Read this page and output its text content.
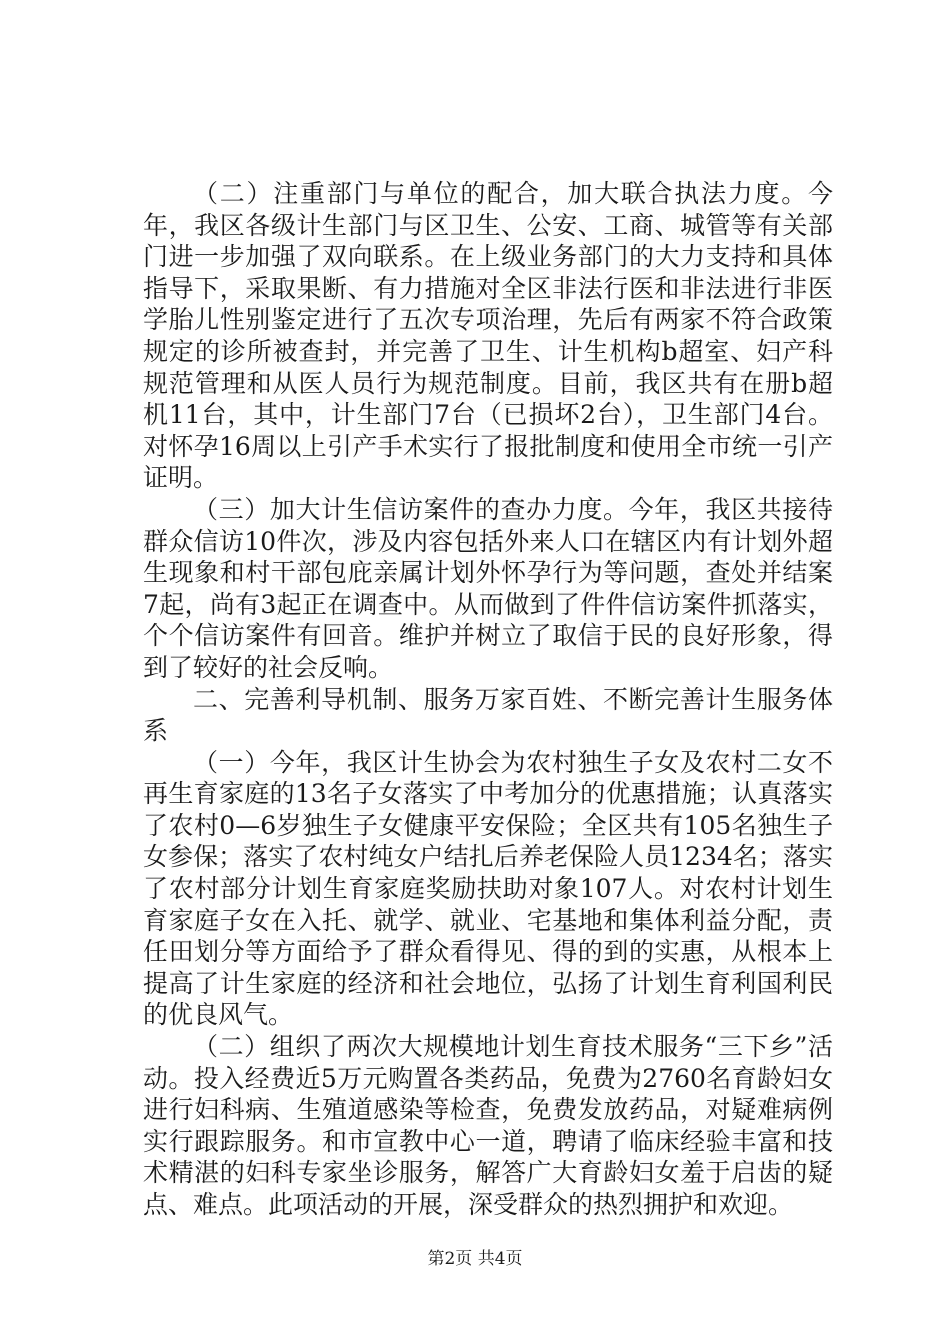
（二）注重部门与单位的配合，加大联合执法力度。今年，我区各级计生部门与区卫生、公安、工商、城管等有关部门进一步加强了双向联系。在上级业务部门的大力支持和具体指导下，采取果断、有力措施对全区非法行医和非法进行非医学胎儿性别鉴定进行了五次专项治理，先后有两家不符合政策规定的诊所被查封，并完善了卫生、计生机构b超室、妇产科规范管理和从医人员行为规范制度。目前，我区共有在册b超机11台，其中，计生部门7台（已损坏2台），卫生部门4台。对怀孕16周以上引产手术实行了报批制度和使用全市统一引产证明。

（三）加大计生信访案件的查办力度。今年，我区共接待群众信访10件次，涉及内容包括外来人口在辖区内有计划外超生现象和村干部包庇亲属计划外怀孕行为等问题，查处并结案7起，尚有3起正在调查中。从而做到了件件信访案件抓落实，个个信访案件有回音。维护并树立了取信于民的良好形象，得到了较好的社会反响。

二、完善利导机制、服务万家百姓、不断完善计生服务体系

（一）今年，我区计生协会为农村独生子女及农村二女不再生育家庭的13名子女落实了中考加分的优惠措施；认真落实了农村0—6岁独生子女健康平安保险；全区共有105名独生子女参保；落实了农村纯女户结扎后养老保险人员1234名；落实了农村部分计划生育家庭奖励扶助对象107人。对农村计划生育家庭子女在入托、就学、就业、宅基地和集体利益分配，责任田划分等方面给予了群众看得见、得的到的实惠，从根本上提高了计生家庭的经济和社会地位，弘扬了计划生育利国利民的优良风气。

（二）组织了两次大规模地计划生育技术服务“三下乡”活动。投入经费近5万元购置各类药品，免费为2760名育龄妇女进行妇科病、生殖道感染等检查，免费发放药品，对疑难病例实行跟踪服务。和市宣教中心一道，聘请了临床经验丰富和技术精湛的妇科专家坐诊服务，解答广大育龄妇女羞于启齿的疑点、难点。此项活动的开展，深受群众的热烈拥护和欢迎。

第2页 共4页
